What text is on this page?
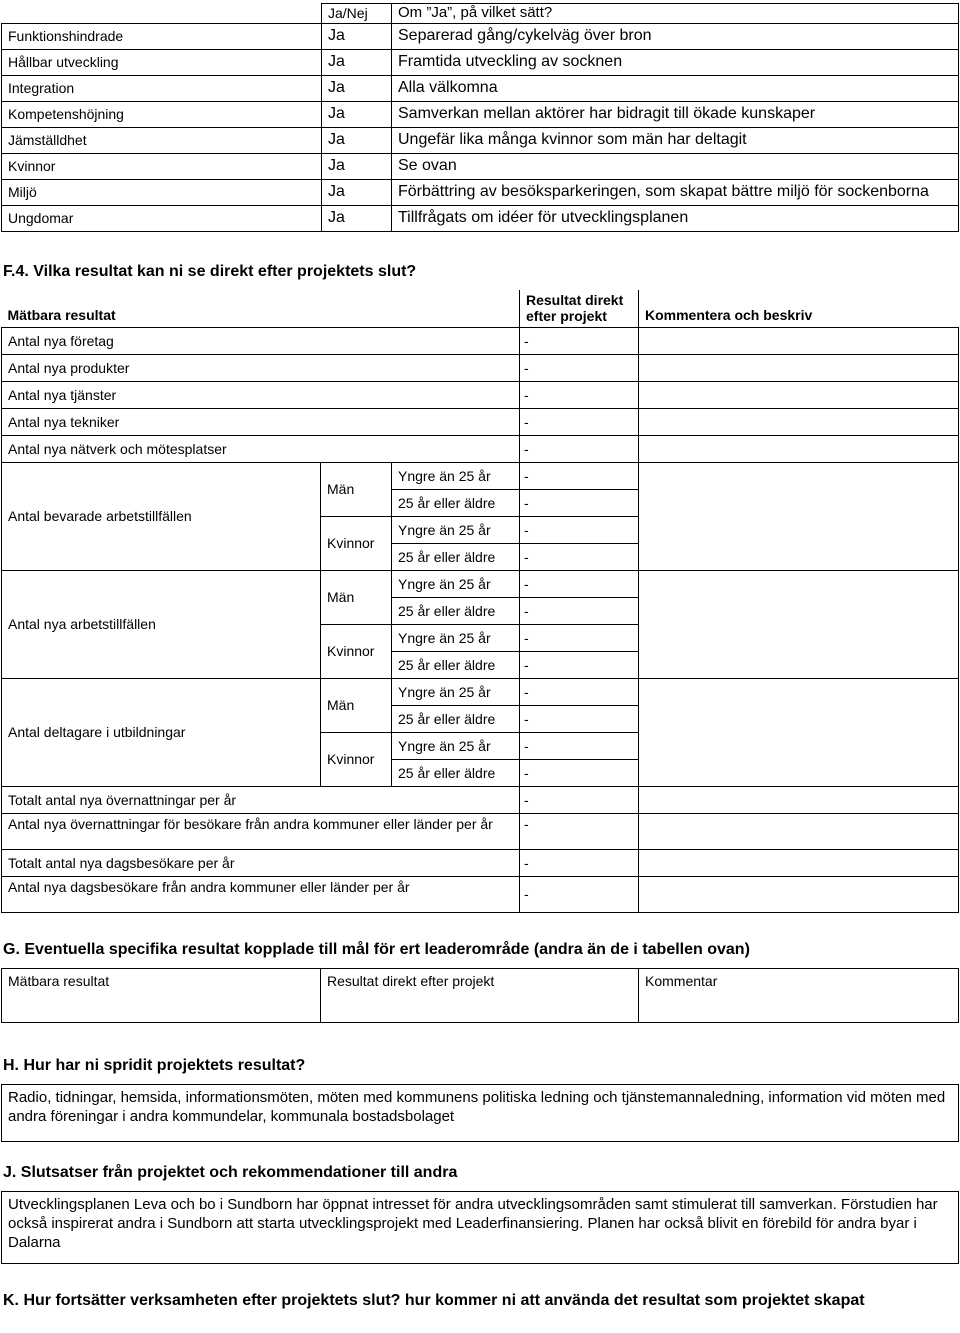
	Ja/Nej	Om ”Ja”, på vilket sätt?
Funktionshindrade	Ja	Separerad gång/cykelväg över bron
Hållbar utveckling	Ja	Framtida utveckling av socknen
Integration	Ja	Alla välkomna
Kompetenshöjning	Ja	Samverkan mellan aktörer har bidragit till ökade kunskaper
Jämställdhet	Ja	Ungefär lika många kvinnor som män har deltagit
Kvinnor	Ja	Se ovan
Miljö	Ja	Förbättring av besöksparkeringen, som skapat bättre miljö för sockenborna
Ungdomar	Ja	Tillfrågats om idéer för utvecklingsplanen
F.4. Vilka resultat kan ni se direkt efter projektets slut?
Mätbara resultat			Resultat direkt efter projekt	Kommentera och beskriv
Antal nya företag			-	
Antal nya produkter			-	
Antal nya tjänster			-	
Antal nya tekniker			-	
Antal nya nätverk och mötesplatser			-	
Antal bevarade arbetstillfällen	Män	Yngre än 25 år	-	
		25 år eller äldre	-	
	Kvinnor	Yngre än 25 år	-	
		25 år eller äldre	-	
Antal nya arbetstillfällen	Män	Yngre än 25 år	-	
		25 år eller äldre	-	
	Kvinnor	Yngre än 25 år	-	
		25 år eller äldre	-	
Antal deltagare i utbildningar	Män	Yngre än 25 år	-	
		25 år eller äldre	-	
	Kvinnor	Yngre än 25 år	-	
		25 år eller äldre	-	
Totalt antal nya övernattningar per år			-	
Antal nya övernattningar för besökare från andra kommuner eller länder per år			-	
Totalt antal nya dagsbesökare per år			-	
Antal nya dagsbesökare från andra kommuner eller länder per år			-	
G. Eventuella specifika resultat kopplade till mål för ert leaderområde (andra än de i tabellen ovan)
Mätbara resultat	Resultat direkt efter projekt	Kommentar
H. Hur har ni spridit projektets resultat?
Radio, tidningar, hemsida, informationsmöten, möten med kommunens politiska ledning och tjänstemannaledning, information vid möten med andra föreningar i andra kommundelar, kommunala bostadsbolaget
J. Slutsatser från projektet och rekommendationer till andra
Utvecklingsplanen Leva och bo i Sundborn har öppnat intresset för andra utvecklingsområden samt stimulerat till samverkan. Förstudien har också inspirerat andra i Sundborn att starta utvecklingsprojekt med Leaderfinansiering. Planen har också blivit en förebild för andra byar i Dalarna
K. Hur fortsätter verksamheten efter projektets slut? hur kommer ni att använda det resultat som projektet skapat
